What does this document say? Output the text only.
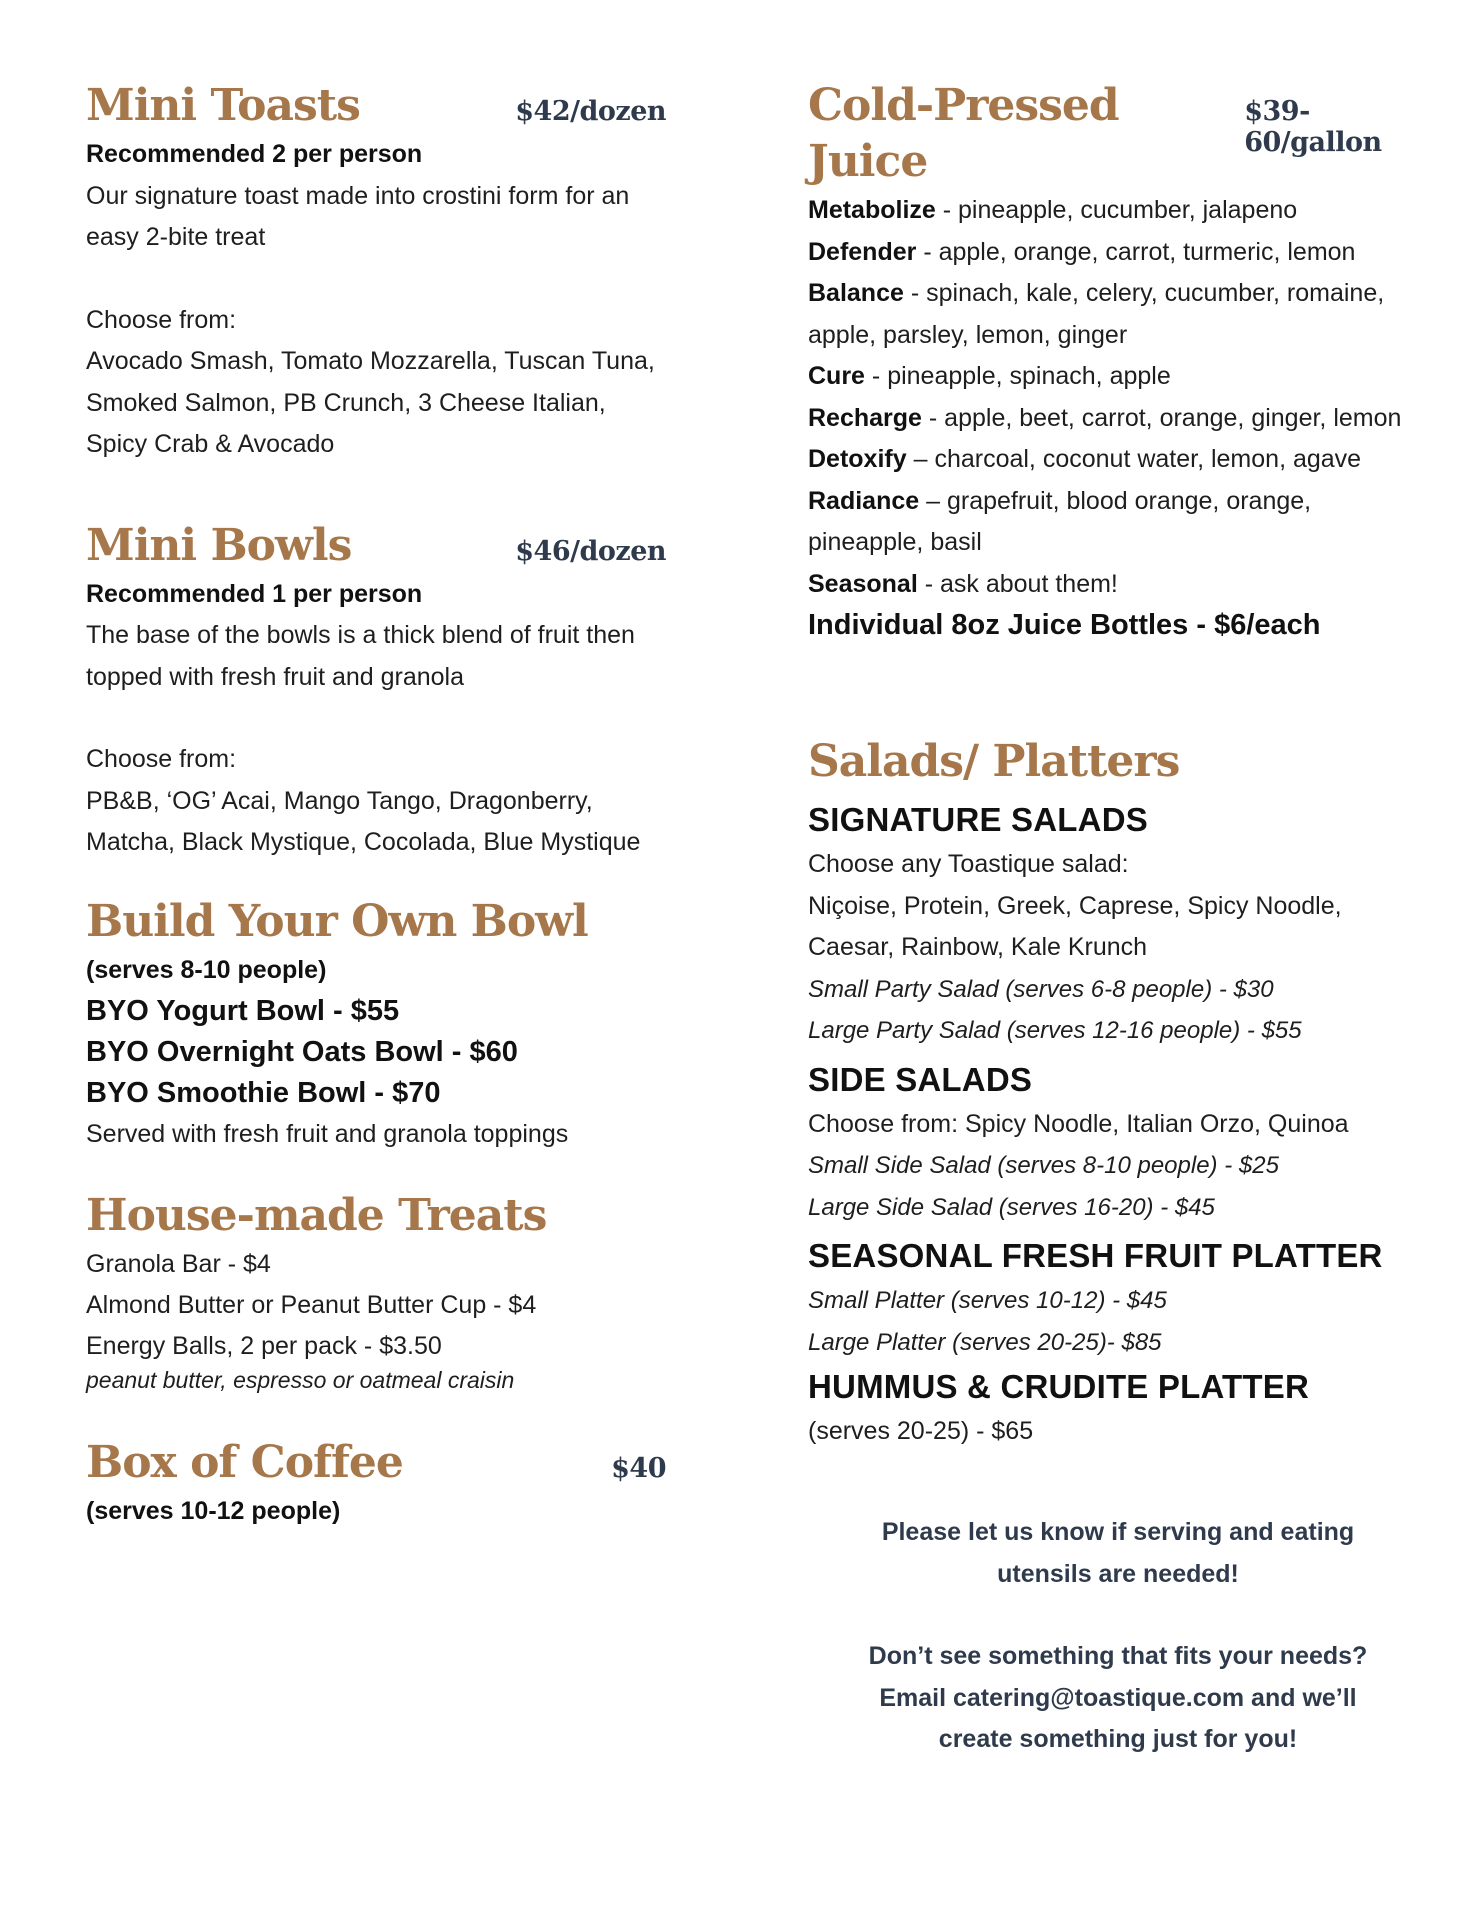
Mini Toasts	$42/dozen
Recommended 2 per person
Our signature toast made into crostini form for an
easy 2-bite treat
Choose from:
Avocado Smash, Tomato Mozzarella, Tuscan Tuna,
Smoked Salmon, PB Crunch, 3 Cheese Italian,
Spicy Crab & Avocado
Mini Bowls	$46/dozen
Recommended 1 per person
The base of the bowls is a thick blend of fruit then
topped with fresh fruit and granola
Choose from:
PB&B, ‘OG’ Acai, Mango Tango, Dragonberry,
Matcha, Black Mystique, Cocolada, Blue Mystique
Build Your Own Bowl
(serves 8-10 people)
BYO Yogurt Bowl - $55
BYO Overnight Oats Bowl - $60
BYO Smoothie Bowl - $70
Served with fresh fruit and granola toppings
House-made Treats
Granola Bar - $4
Almond Butter or Peanut Butter Cup - $4
Energy Balls, 2 per pack - $3.50
peanut butter, espresso or oatmeal craisin
Box of Coffee	$40
(serves 10-12 people)
Cold-Pressed Juice
$39-60/gallon
Metabolize - pineapple, cucumber, jalapeno
Defender - apple, orange, carrot, turmeric, lemon
Balance - spinach, kale, celery, cucumber, romaine, apple, parsley, lemon, ginger
Cure - pineapple, spinach, apple
Recharge - apple, beet, carrot, orange, ginger, lemon
Detoxify – charcoal, coconut water, lemon, agave
Radiance – grapefruit, blood orange, orange, pineapple, basil
Seasonal - ask about them!
Individual 8oz Juice Bottles - $6/each
Salads/ Platters
SIGNATURE SALADS
Choose any Toastique salad:
Niçoise, Protein, Greek, Caprese, Spicy Noodle,
Caesar, Rainbow, Kale Krunch
Small Party Salad (serves 6-8 people) - $30
Large Party Salad (serves 12-16 people) - $55
SIDE SALADS
Choose from: Spicy Noodle, Italian Orzo, Quinoa
Small Side Salad (serves 8-10 people) - $25
Large Side Salad (serves 16-20) - $45
SEASONAL FRESH FRUIT PLATTER
Small Platter (serves 10-12) - $45
Large Platter (serves 20-25)- $85
HUMMUS & CRUDITE PLATTER
(serves 20-25) - $65
Please let us know if serving and eating
utensils are needed!
Don’t see something that fits your needs?
Email catering@toastique.com and we’ll
create something just for you!
